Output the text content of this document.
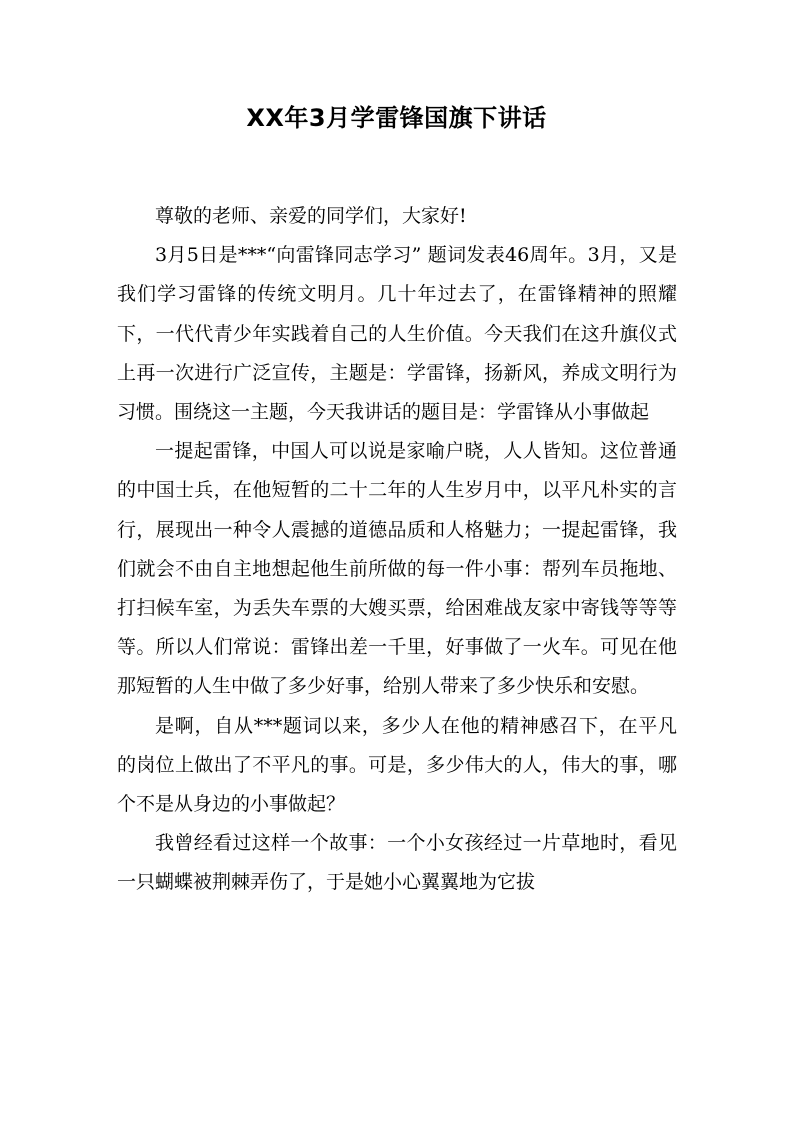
XX年3月学雷锋国旗下讲话

尊敬的老师、亲爱的同学们，大家好!

3月5日是***“向雷锋同志学习” 题词发表46周年。3月，又是我们学习雷锋的传统文明月。几十年过去了，在雷锋精神的照耀下，一代代青少年实践着自己的人生价值。今天我们在这升旗仪式上再一次进行广泛宣传，主题是：学雷锋，扬新风，养成文明行为习惯。围绕这一主题，今天我讲话的题目是：学雷锋从小事做起

一提起雷锋，中国人可以说是家喻户晓，人人皆知。这位普通的中国士兵，在他短暂的二十二年的人生岁月中，以平凡朴实的言行，展现出一种令人震撼的道德品质和人格魅力；一提起雷锋，我们就会不由自主地想起他生前所做的每一件小事：帮列车员拖地、打扫候车室，为丢失车票的大嫂买票，给困难战友家中寄钱等等等等。所以人们常说：雷锋出差一千里，好事做了一火车。可见在他那短暂的人生中做了多少好事，给别人带来了多少快乐和安慰。

是啊，自从***题词以来，多少人在他的精神感召下，在平凡的岗位上做出了不平凡的事。可是，多少伟大的人，伟大的事，哪个不是从身边的小事做起？

我曾经看过这样一个故事：一个小女孩经过一片草地时，看见一只蝴蝶被荆棘弄伤了，于是她小心翼翼地为它拔
